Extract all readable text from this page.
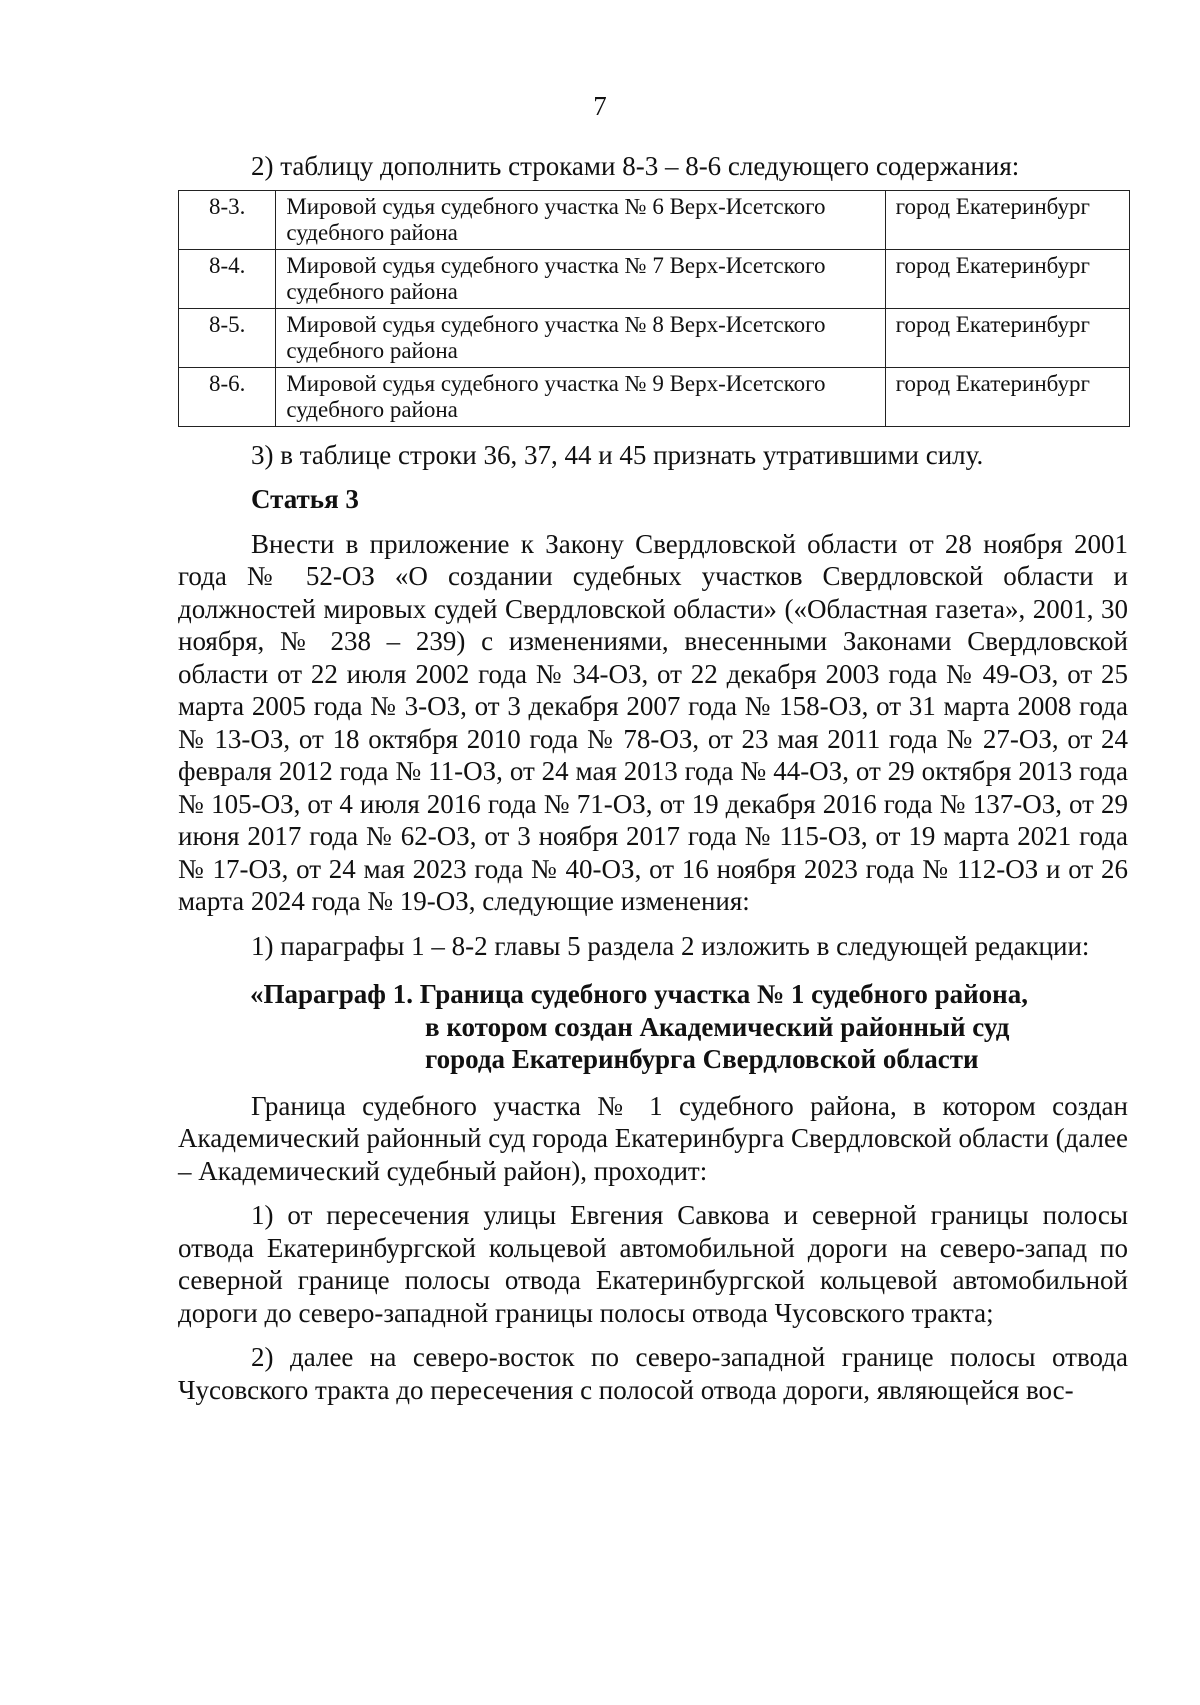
7

2) таблицу дополнить строками 8-3 – 8-6 следующего содержания:

8-3.	Мировой судья судебного участка № 6 Верх-Исетского судебного района	город Екатеринбург
8-4.	Мировой судья судебного участка № 7 Верх-Исетского судебного района	город Екатеринбург
8-5.	Мировой судья судебного участка № 8 Верх-Исетского судебного района	город Екатеринбург
8-6.	Мировой судья судебного участка № 9 Верх-Исетского судебного района	город Екатеринбург

3) в таблице строки 36, 37, 44 и 45 признать утратившими силу.

Статья 3

Внести в приложение к Закону Свердловской области от 28 ноября 2001 года № 52-ОЗ «О создании судебных участков Свердловской области и должностей мировых судей Свердловской области» («Областная газета», 2001, 30 ноября, № 238 – 239) с изменениями, внесенными Законами Свердловской области от 22 июля 2002 года № 34-ОЗ, от 22 декабря 2003 года № 49-ОЗ, от 25 марта 2005 года № 3-ОЗ, от 3 декабря 2007 года № 158-ОЗ, от 31 марта 2008 года № 13-ОЗ, от 18 октября 2010 года № 78-ОЗ, от 23 мая 2011 года № 27-ОЗ, от 24 февраля 2012 года № 11-ОЗ, от 24 мая 2013 года № 44-ОЗ, от 29 октября 2013 года № 105-ОЗ, от 4 июля 2016 года № 71-ОЗ, от 19 декабря 2016 года № 137-ОЗ, от 29 июня 2017 года № 62-ОЗ, от 3 ноября 2017 года № 115-ОЗ, от 19 марта 2021 года № 17-ОЗ, от 24 мая 2023 года № 40-ОЗ, от 16 ноября 2023 года № 112-ОЗ и от 26 марта 2024 года № 19-ОЗ, следующие изменения:

1) параграфы 1 – 8-2 главы 5 раздела 2 изложить в следующей редакции:

«Параграф 1. Граница судебного участка № 1 судебного района,
в котором создан Академический районный суд
города Екатеринбурга Свердловской области

Граница судебного участка № 1 судебного района, в котором создан Академический районный суд города Екатеринбурга Свердловской области (далее – Академический судебный район), проходит:

1) от пересечения улицы Евгения Савкова и северной границы полосы отвода Екатеринбургской кольцевой автомобильной дороги на северо-запад по северной границе полосы отвода Екатеринбургской кольцевой автомобильной дороги до северо-западной границы полосы отвода Чусовского тракта;

2) далее на северо-восток по северо-западной границе полосы отвода Чусовского тракта до пересечения с полосой отвода дороги, являющейся вос-
